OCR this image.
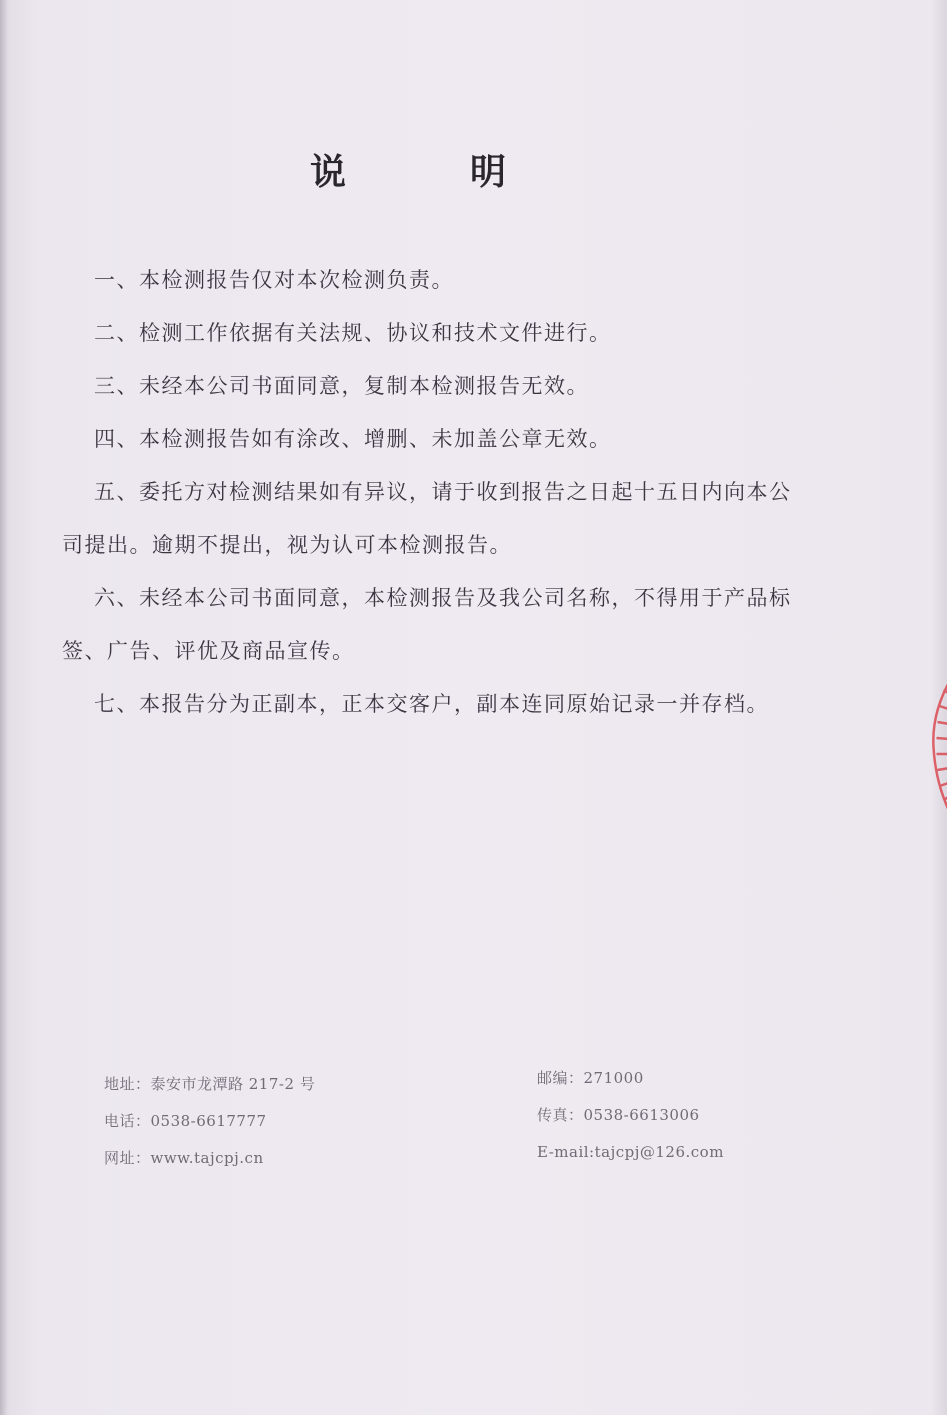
说　明
一、本检测报告仅对本次检测负责。
二、检测工作依据有关法规、协议和技术文件进行。
三、未经本公司书面同意，复制本检测报告无效。
四、本检测报告如有涂改、增删、未加盖公章无效。
五、委托方对检测结果如有异议，请于收到报告之日起十五日内向本公司提出。逾期不提出，视为认可本检测报告。
六、未经本公司书面同意，本检测报告及我公司名称，不得用于产品标签、广告、评优及商品宣传。
七、本报告分为正副本，正本交客户，副本连同原始记录一并存档。
地址：泰安市龙潭路 217-2 号
电话：0538-6617777
网址：www.tajcpj.cn
邮编：271000
传真：0538-6613006
E-mail:tajcpj@126.com
